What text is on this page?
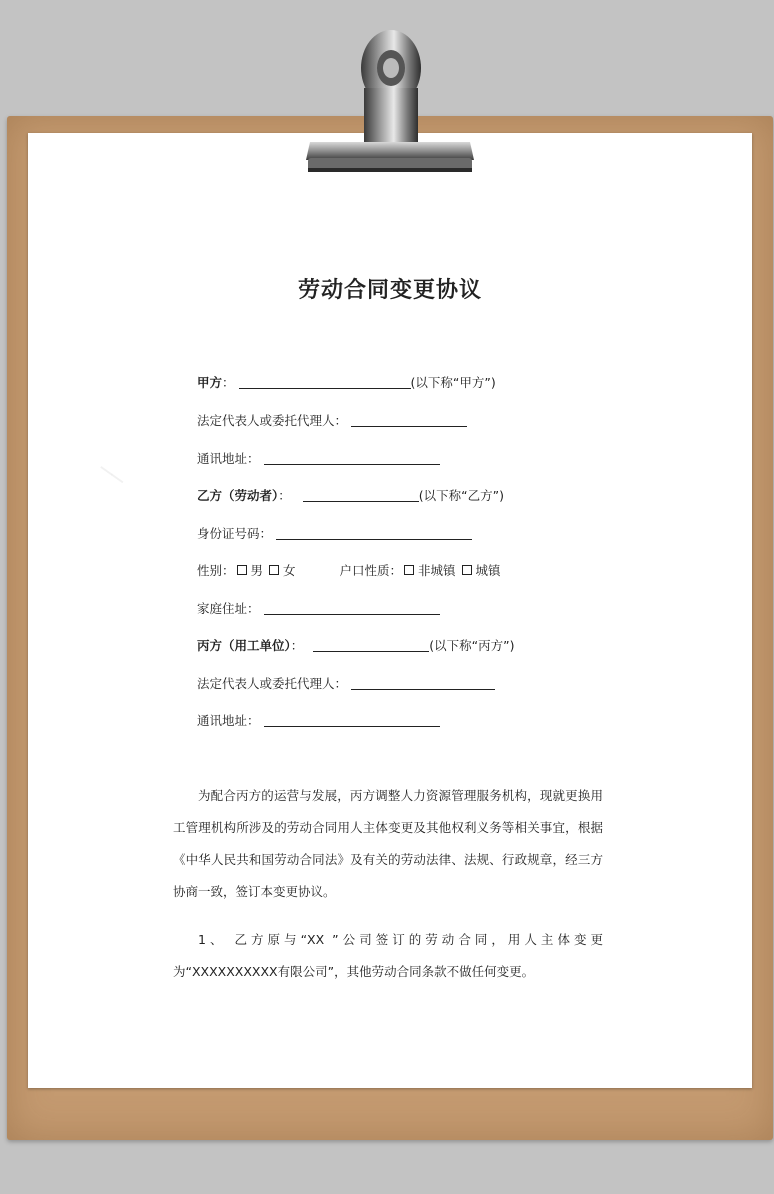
──
劳动合同变更协议
甲方：	(以下称“甲方”)
法定代表人或委托代理人：
通讯地址：
乙方（劳动者）：	(以下称“乙方”)
身份证号码：
性别： 男 女	户口性质： 非城镇 城镇
家庭住址：
丙方（用工单位）：	(以下称“丙方”)
法定代表人或委托代理人：
通讯地址：
为配合丙方的运营与发展，丙方调整人力资源管理服务机构，现就更换用工管理机构所涉及的劳动合同用人主体变更及其他权利义务等相关事宜，根据《中华人民共和国劳动合同法》及有关的劳动法律、法规、行政规章，经三方协商一致，签订本变更协议。
1、 乙方原与“XX ”公司签订的劳动合同，用人主体变更为“XXXXXXXXXX有限公司”，其他劳动合同条款不做任何变更。
